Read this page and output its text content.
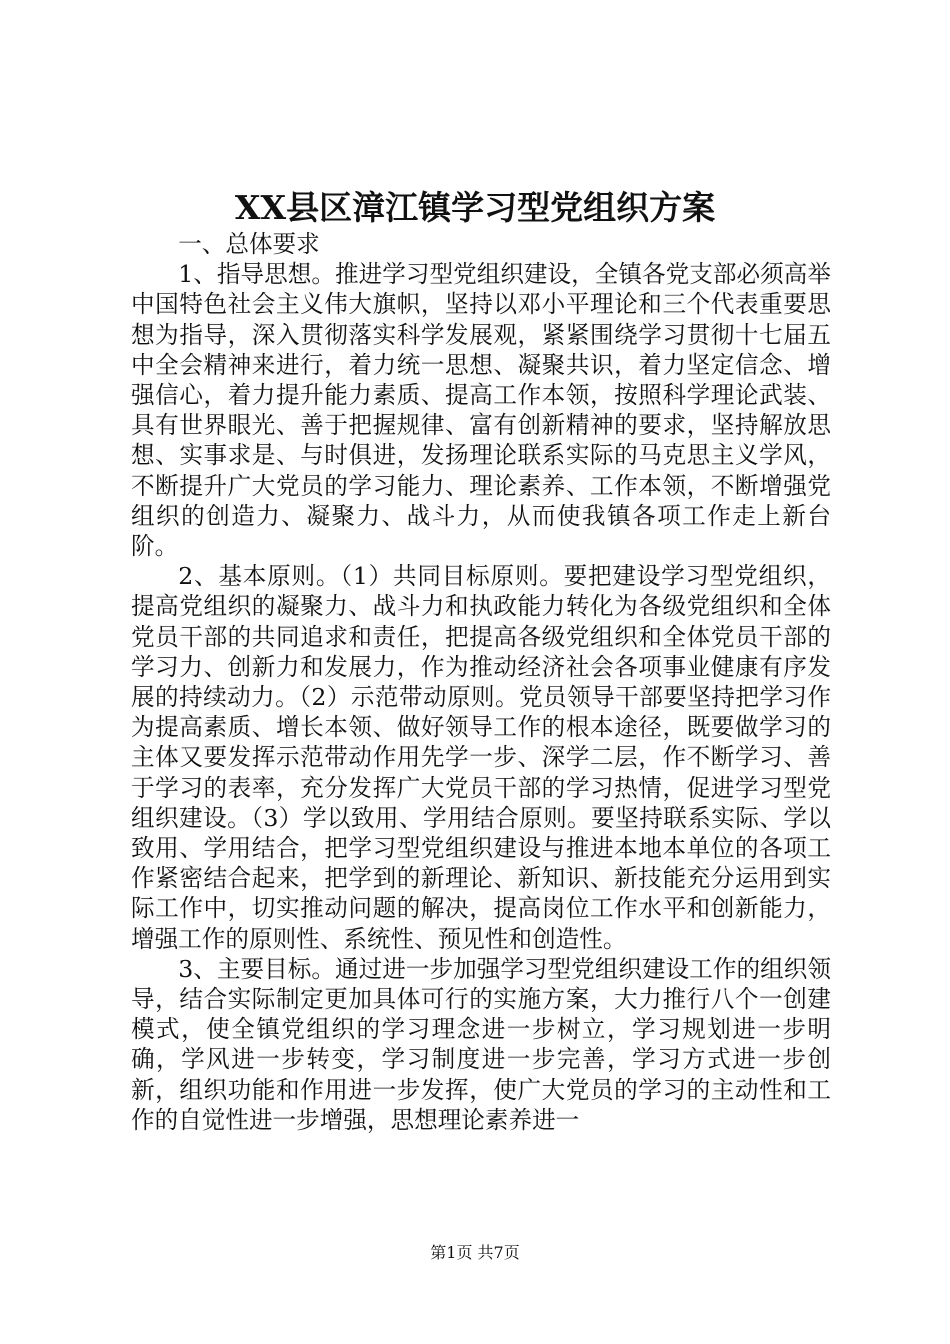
XX县区漳江镇学习型党组织方案

一、总体要求

1、指导思想。推进学习型党组织建设，全镇各党支部必须高举中国特色社会主义伟大旗帜，坚持以邓小平理论和三个代表重要思想为指导，深入贯彻落实科学发展观，紧紧围绕学习贯彻十七届五中全会精神来进行，着力统一思想、凝聚共识，着力坚定信念、增强信心，着力提升能力素质、提高工作本领，按照科学理论武装、具有世界眼光、善于把握规律、富有创新精神的要求，坚持解放思想、实事求是、与时俱进，发扬理论联系实际的马克思主义学风，不断提升广大党员的学习能力、理论素养、工作本领，不断增强党组织的创造力、凝聚力、战斗力，从而使我镇各项工作走上新台阶。

2、基本原则。（1）共同目标原则。要把建设学习型党组织，提高党组织的凝聚力、战斗力和执政能力转化为各级党组织和全体党员干部的共同追求和责任，把提高各级党组织和全体党员干部的学习力、创新力和发展力，作为推动经济社会各项事业健康有序发展的持续动力。（2）示范带动原则。党员领导干部要坚持把学习作为提高素质、增长本领、做好领导工作的根本途径，既要做学习的主体又要发挥示范带动作用先学一步、深学二层，作不断学习、善于学习的表率，充分发挥广大党员干部的学习热情，促进学习型党组织建设。（3）学以致用、学用结合原则。要坚持联系实际、学以致用、学用结合，把学习型党组织建设与推进本地本单位的各项工作紧密结合起来，把学到的新理论、新知识、新技能充分运用到实际工作中，切实推动问题的解决，提高岗位工作水平和创新能力，增强工作的原则性、系统性、预见性和创造性。

3、主要目标。通过进一步加强学习型党组织建设工作的组织领导，结合实际制定更加具体可行的实施方案，大力推行八个一创建模式，使全镇党组织的学习理念进一步树立，学习规划进一步明确，学风进一步转变，学习制度进一步完善，学习方式进一步创新，组织功能和作用进一步发挥，使广大党员的学习的主动性和工作的自觉性进一步增强，思想理论素养进一

第1页 共7页
